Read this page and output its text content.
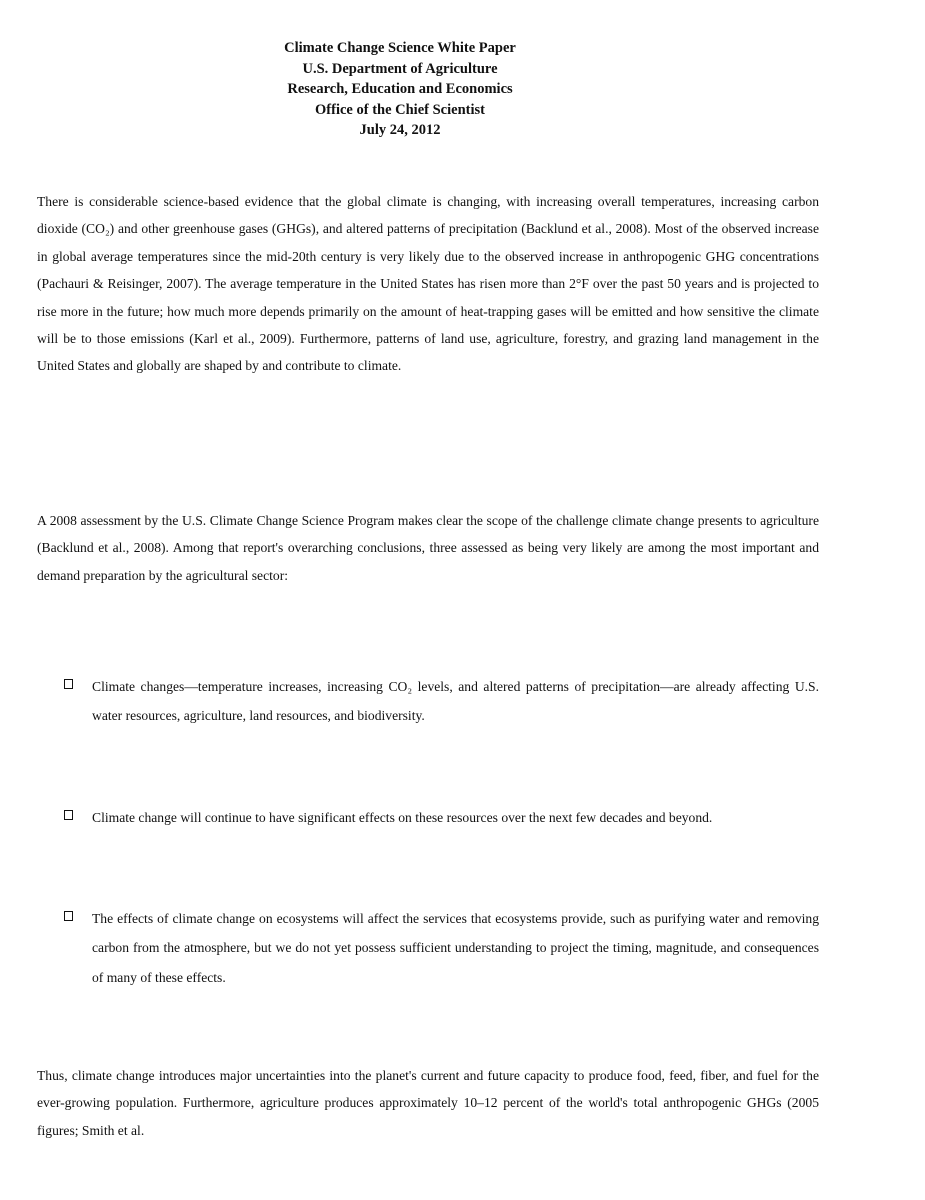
Climate Change Science White Paper
U.S. Department of Agriculture
Research, Education and Economics
Office of the Chief Scientist
July 24, 2012
There is considerable science-based evidence that the global climate is changing, with increasing overall temperatures, increasing carbon dioxide (CO₂) and other greenhouse gases (GHGs), and altered patterns of precipitation (Backlund et al., 2008). Most of the observed increase in global average temperatures since the mid-20th century is very likely due to the observed increase in anthropogenic GHG concentrations (Pachauri & Reisinger, 2007). The average temperature in the United States has risen more than 2°F over the past 50 years and is projected to rise more in the future; how much more depends primarily on the amount of heat-trapping gases will be emitted and how sensitive the climate will be to those emissions (Karl et al., 2009). Furthermore, patterns of land use, agriculture, forestry, and grazing land management in the United States and globally are shaped by and contribute to climate.
A 2008 assessment by the U.S. Climate Change Science Program makes clear the scope of the challenge climate change presents to agriculture (Backlund et al., 2008). Among that report's overarching conclusions, three assessed as being very likely are among the most important and demand preparation by the agricultural sector:
Climate changes—temperature increases, increasing CO₂ levels, and altered patterns of precipitation—are already affecting U.S. water resources, agriculture, land resources, and biodiversity.
Climate change will continue to have significant effects on these resources over the next few decades and beyond.
The effects of climate change on ecosystems will affect the services that ecosystems provide, such as purifying water and removing carbon from the atmosphere, but we do not yet possess sufficient understanding to project the timing, magnitude, and consequences of many of these effects.
Thus, climate change introduces major uncertainties into the planet's current and future capacity to produce food, feed, fiber, and fuel for the ever-growing population. Furthermore, agriculture produces approximately 10–12 percent of the world's total anthropogenic GHGs (2005 figures; Smith et al.
